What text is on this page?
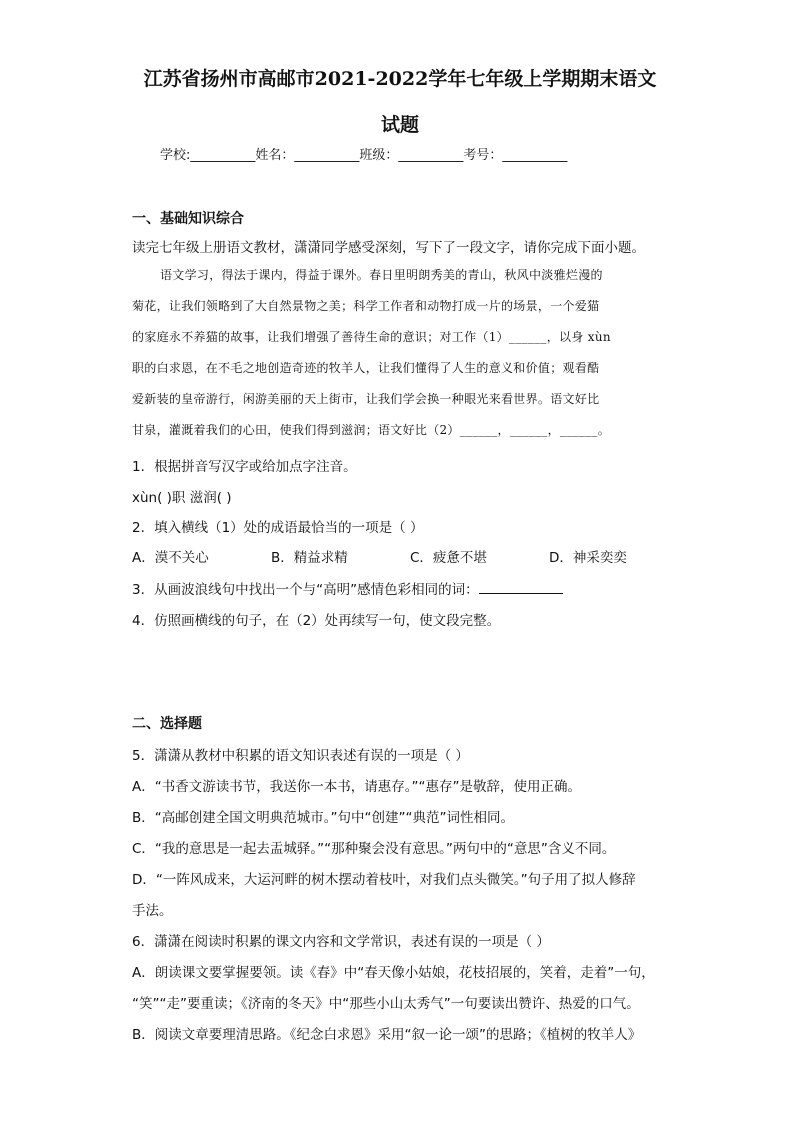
江苏省扬州市高邮市2021-2022学年七年级上学期期末语文
试题
学校:__________姓名：__________班级：__________考号：__________
一、基础知识综合
读完七年级上册语文教材，潇潇同学感受深刻，写下了一段文字，请你完成下面小题。
语文学习，得法于课内，得益于课外。春日里明朗秀美的青山，秋风中淡雅烂漫的
菊花，让我们领略到了大自然景物之美；科学工作者和动物打成一片的场景，一个爱猫
的家庭永不养猫的故事，让我们增强了善待生命的意识；对工作（1）______，以身 xùn
职的白求恩，在不毛之地创造奇迹的牧羊人，让我们懂得了人生的意义和价值；观看酷
爱新装的皇帝游行，闲游美丽的天上街市，让我们学会换一种眼光来看世界。语文好比
甘泉，灌溉着我们的心田，使我们得到滋润；语文好比（2）______，______，______。
1．根据拼音写汉字或给加点字注音。
xùn( )职 滋润( )
2．填入横线（1）处的成语最恰当的一项是（ ）
A．漠不关心	B．精益求精	C．疲惫不堪	D．神采奕奕
3．从画波浪线句中找出一个与“高明”感情色彩相同的词：
4．仿照画横线的句子，在（2）处再续写一句，使文段完整。
二、选择题
5．潇潇从教材中积累的语文知识表述有误的一项是（ ）
A．“书香文游读书节，我送你一本书，请惠存。”“惠存”是敬辞，使用正确。
B．“高邮创建全国文明典范城市。”句中“创建”“典范”词性相同。
C．“我的意思是一起去盂城驿。”“那种聚会没有意思。”两句中的“意思”含义不同。
D．“一阵风成来，大运河畔的树木摆动着枝叶，对我们点头微笑。”句子用了拟人修辞
手法。
6．潇潇在阅读时积累的课文内容和文学常识，表述有误的一项是（ ）
A．朗读课文要掌握要领。读《春》中“春天像小姑娘，花枝招展的，笑着，走着”一句，
“笑”“走”要重读；《济南的冬天》中“那些小山太秀气”一句要读出赞许、热爱的口气。
B．阅读文章要理清思路。《纪念白求恩》采用“叙一论一颂”的思路；《植树的牧羊人》
